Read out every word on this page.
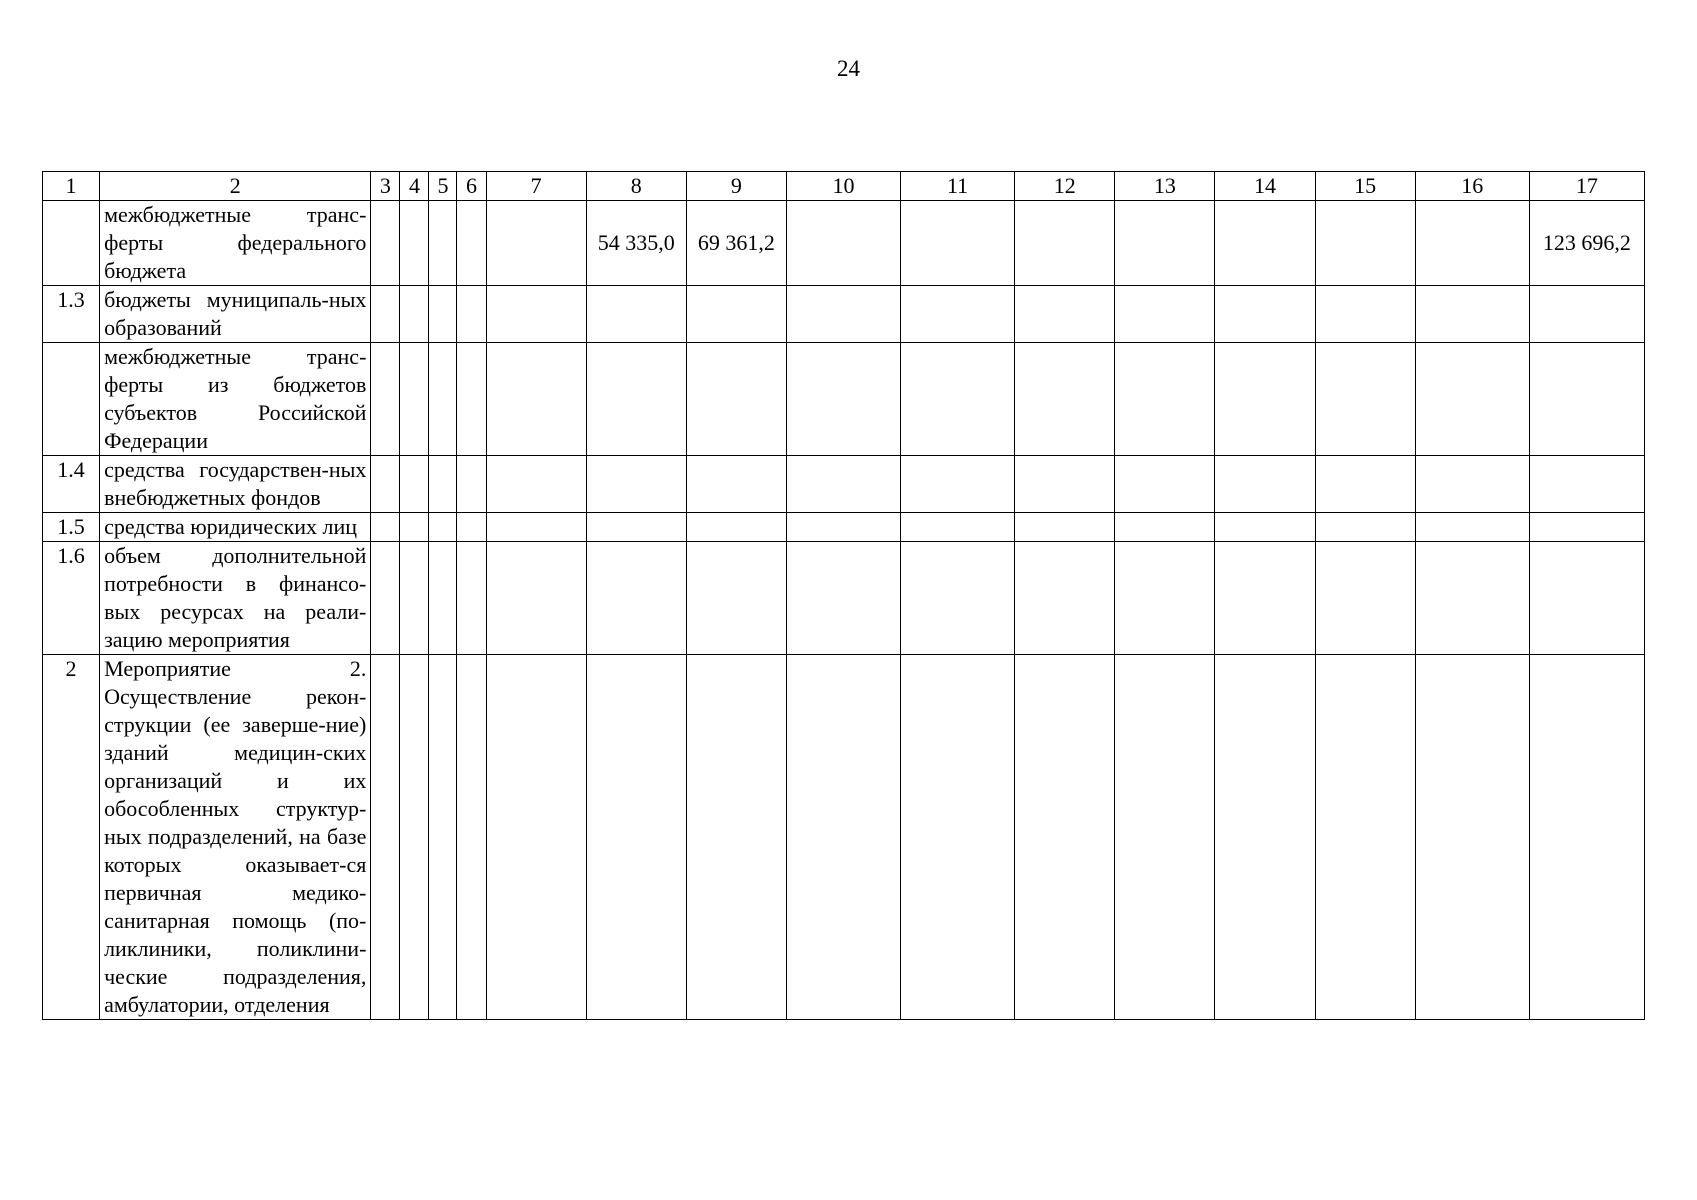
24
1	2	3	4	5	6	7	8	9	10	11	12	13	14	15	16	17
	межбюджетные транс-ферты федерального бюджета						54 335,0	69 361,2								123 696,2
1.3	бюджеты муниципаль-ных образований															
	межбюджетные транс-ферты из бюджетов субъектов Российской Федерации															
1.4	средства государствен-ных внебюджетных фондов															
1.5	средства юридических лиц															
1.6	объем дополнительной потребности в финансо-вых ресурсах на реали-зацию мероприятия															
2	Мероприятие 2. Осуществление рекон-струкции (ее заверше-ние) зданий медицин-ских организаций и их обособленных структур-ных подразделений, на базе которых оказывает-ся первичная медико-санитарная помощь (по-ликлиники, поликлини-ческие подразделения, амбулатории, отделения															
